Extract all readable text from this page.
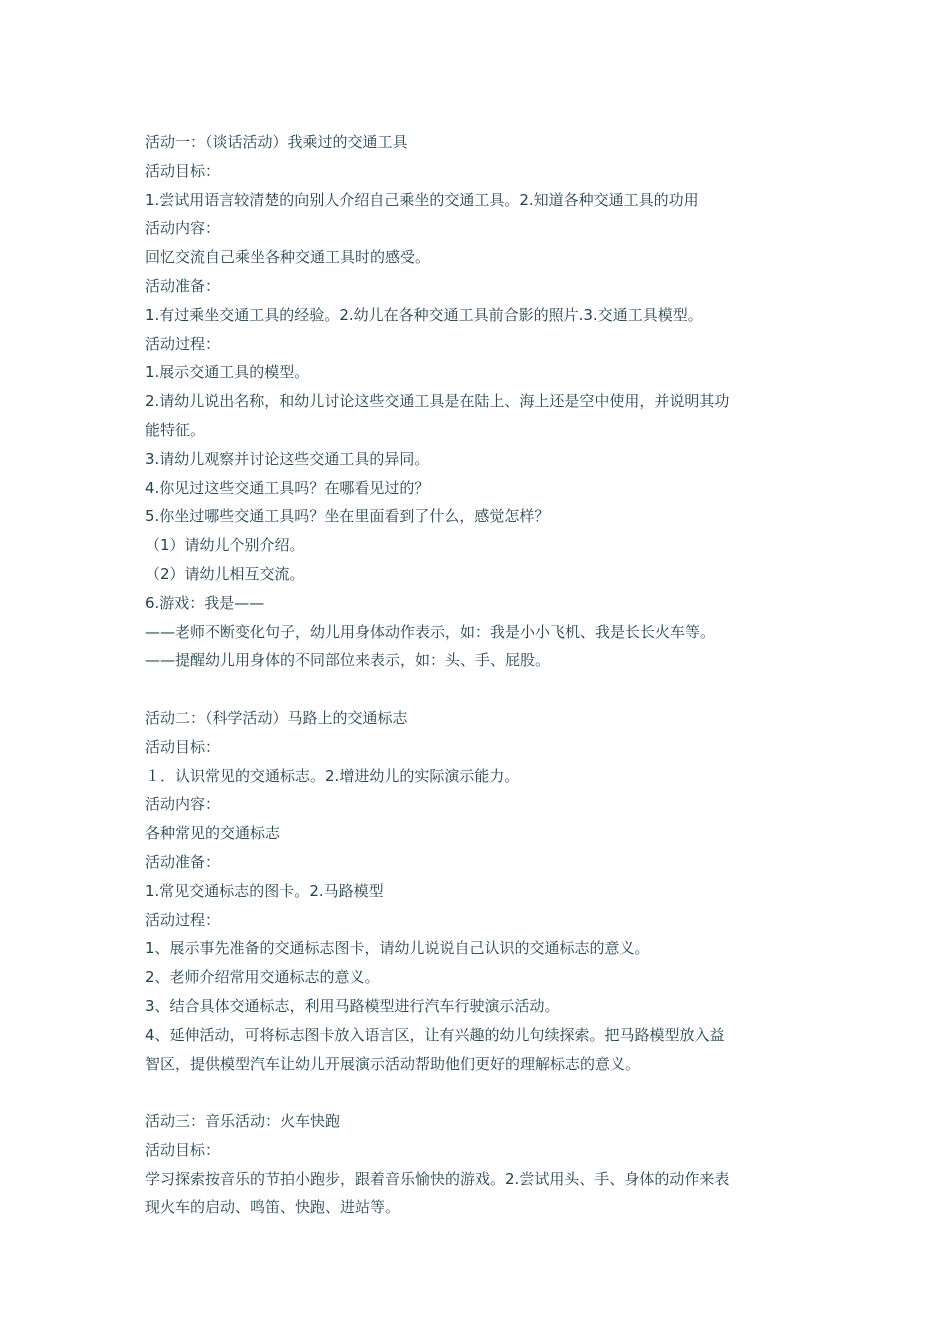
活动一：（谈话活动）我乘过的交通工具
活动目标：
1.尝试用语言较清楚的向别人介绍自己乘坐的交通工具。2.知道各种交通工具的功用
活动内容：
回忆交流自己乘坐各种交通工具时的感受。
活动准备：
1.有过乘坐交通工具的经验。2.幼儿在各种交通工具前合影的照片.3.交通工具模型。
活动过程：
1.展示交通工具的模型。
2.请幼儿说出名称，和幼儿讨论这些交通工具是在陆上、海上还是空中使用，并说明其功
能特征。
3.请幼儿观察并讨论这些交通工具的异同。
4.你见过这些交通工具吗？在哪看见过的？
5.你坐过哪些交通工具吗？坐在里面看到了什么，感觉怎样？
（1）请幼儿个别介绍。
（2）请幼儿相互交流。
6.游戏：我是——
——老师不断变化句子，幼儿用身体动作表示，如：我是小小飞机、我是长长火车等。
——提醒幼儿用身体的不同部位来表示，如：头、手、屁股。
活动二：（科学活动）马路上的交通标志
活动目标：
１．认识常见的交通标志。2.增进幼儿的实际演示能力。
活动内容：
各种常见的交通标志
活动准备：
1.常见交通标志的图卡。2.马路模型
活动过程：
1、展示事先准备的交通标志图卡，请幼儿说说自己认识的交通标志的意义。
2、老师介绍常用交通标志的意义。
3、结合具体交通标志，利用马路模型进行汽车行驶演示活动。
4、延伸活动，可将标志图卡放入语言区，让有兴趣的幼儿句续探索。把马路模型放入益
智区，提供模型汽车让幼儿开展演示活动帮助他们更好的理解标志的意义。
活动三：音乐活动：火车快跑
活动目标：
学习探索按音乐的节拍小跑步，跟着音乐愉快的游戏。2.尝试用头、手、身体的动作来表
现火车的启动、鸣笛、快跑、进站等。
